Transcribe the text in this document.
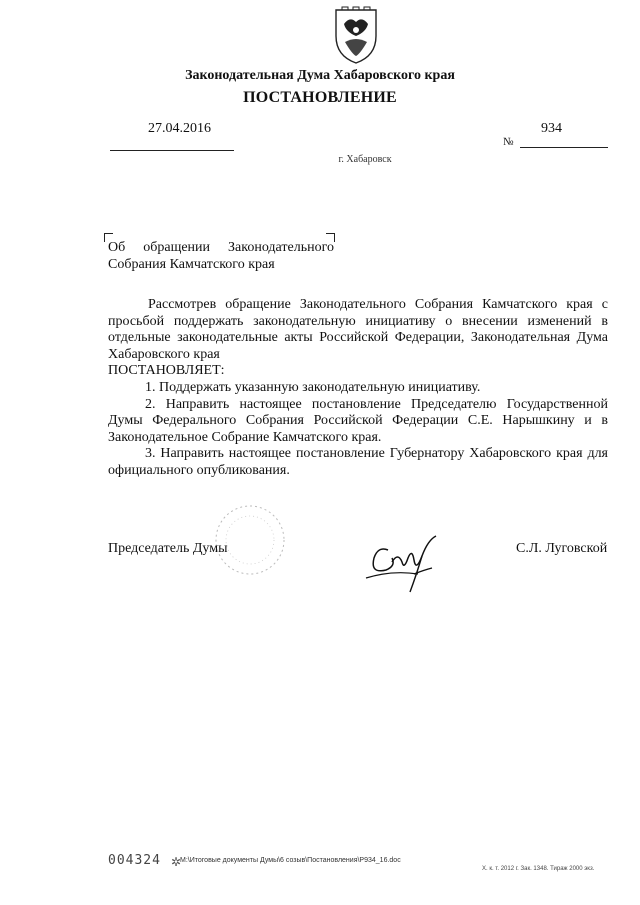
Законодательная Дума Хабаровского края
ПОСТАНОВЛЕНИЕ
27.04.2016
№
934
г. Хабаровск
Об обращении Законодательного
Собрания Камчатского края

Рассмотрев обращение Законодательного Собрания Камчатского края с просьбой поддержать законодательную инициативу о внесении изменений в отдельные законодательные акты Российской Федерации, Законодательная Дума Хабаровского края

ПОСТАНОВЛЯЕТ:

1. Поддержать указанную законодательную инициативу.

2. Направить настоящее постановление Председателю Государственной Думы Федерального Собрания Российской Федерации С.Е. Нарышкину и в Законодательное Собрание Камчатского края.

3. Направить настоящее постановление Губернатору Хабаровского края для официального опубликования.

Председатель Думы	С.Л. Луговской
004324 ✲
М:\Итоговые документы Думы\6 созыв\Постановления\Р934_16.doc
Х. к. т. 2012 г. Зак. 1348. Тираж 2000 экз.
